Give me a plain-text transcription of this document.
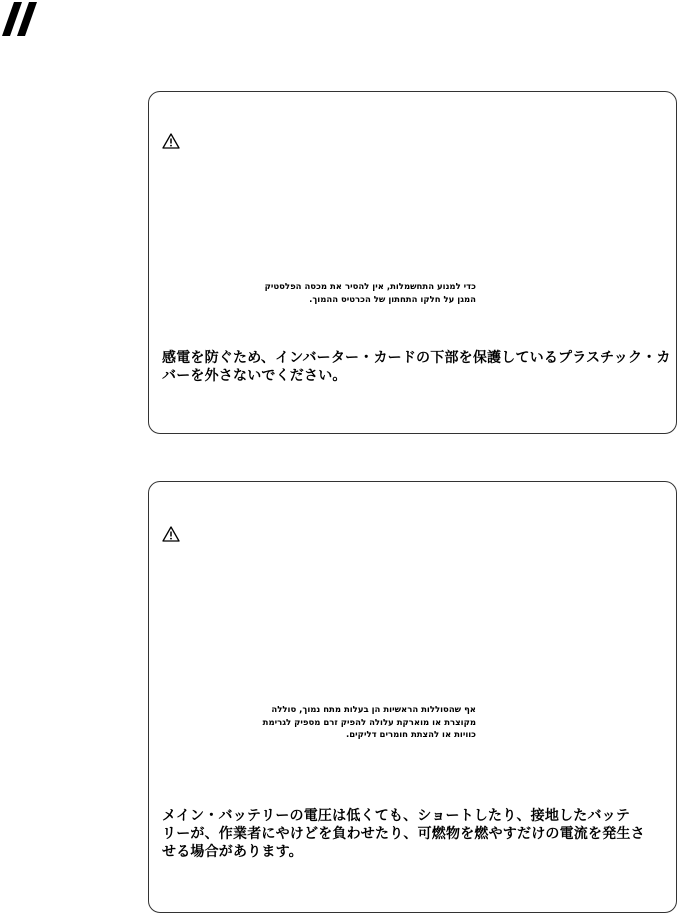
כדי למנוע התחשמלות, אין להסיר את מכסה הפלסטיק
המגן על חלקו התחתון של הכרטיס ההמוך.
感電を防ぐため、インバーター・カードの下部を保護しているプラスチック・カ
バーを外さないでください。
אף שהסוללות הראשיות הן בעלות מתח נמוך, סוללה
מקוצרת או מוארקת עלולה להפיק זרם מספיק לגרימת
כוויות או להצתת חומרים דליקים.
メイン・バッテリーの電圧は低くても、ショートしたり、接地したバッテ
リーが、作業者にやけどを負わせたり、可燃物を燃やすだけの電流を発生さ
せる場合があります。
